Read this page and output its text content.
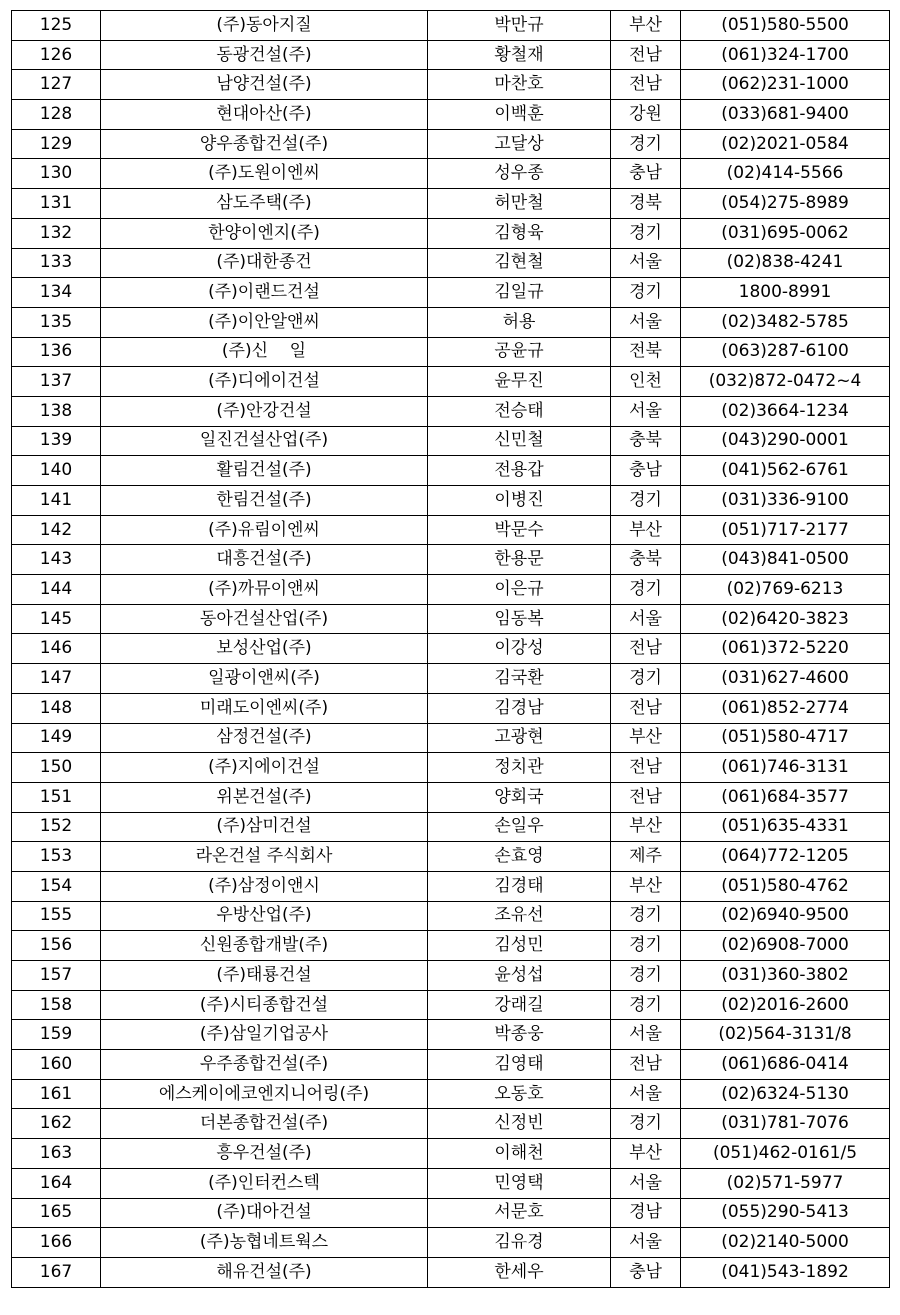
125	(주)동아지질	박만규	부산	(051)580-5500
126	동광건설(주)	황철재	전남	(061)324-1700
127	남양건설(주)	마찬호	전남	(062)231-1000
128	현대아산(주)	이백훈	강원	(033)681-9400
129	양우종합건설(주)	고달상	경기	(02)2021-0584
130	(주)도원이엔씨	성우종	충남	(02)414-5566
131	삼도주택(주)	허만철	경북	(054)275-8989
132	한양이엔지(주)	김형육	경기	(031)695-0062
133	(주)대한종건	김현철	서울	(02)838-4241
134	(주)이랜드건설	김일규	경기	1800-8991
135	(주)이안알앤씨	허용	서울	(02)3482-5785
136	(주)신    일	공윤규	전북	(063)287-6100
137	(주)디에이건설	윤무진	인천	(032)872-0472~4
138	(주)안강건설	전승태	서울	(02)3664-1234
139	일진건설산업(주)	신민철	충북	(043)290-0001
140	활림건설(주)	전용갑	충남	(041)562-6761
141	한림건설(주)	이병진	경기	(031)336-9100
142	(주)유림이엔씨	박문수	부산	(051)717-2177
143	대흥건설(주)	한용문	충북	(043)841-0500
144	(주)까뮤이앤씨	이은규	경기	(02)769-6213
145	동아건설산업(주)	임동복	서울	(02)6420-3823
146	보성산업(주)	이강성	전남	(061)372-5220
147	일광이앤씨(주)	김국환	경기	(031)627-4600
148	미래도이엔씨(주)	김경남	전남	(061)852-2774
149	삼정건설(주)	고광현	부산	(051)580-4717
150	(주)지에이건설	정치관	전남	(061)746-3131
151	위본건설(주)	양회국	전남	(061)684-3577
152	(주)삼미건설	손일우	부산	(051)635-4331
153	라온건설 주식회사	손효영	제주	(064)772-1205
154	(주)삼정이앤시	김경태	부산	(051)580-4762
155	우방산업(주)	조유선	경기	(02)6940-9500
156	신원종합개발(주)	김성민	경기	(02)6908-7000
157	(주)태룡건설	윤성섭	경기	(031)360-3802
158	(주)시티종합건설	강래길	경기	(02)2016-2600
159	(주)삼일기업공사	박종웅	서울	(02)564-3131/8
160	우주종합건설(주)	김영태	전남	(061)686-0414
161	에스케이에코엔지니어링(주)	오동호	서울	(02)6324-5130
162	더본종합건설(주)	신정빈	경기	(031)781-7076
163	흥우건설(주)	이해천	부산	(051)462-0161/5
164	(주)인터컨스텍	민영택	서울	(02)571-5977
165	(주)대아건설	서문호	경남	(055)290-5413
166	(주)농협네트웍스	김유경	서울	(02)2140-5000
167	해유건설(주)	한세우	충남	(041)543-1892
